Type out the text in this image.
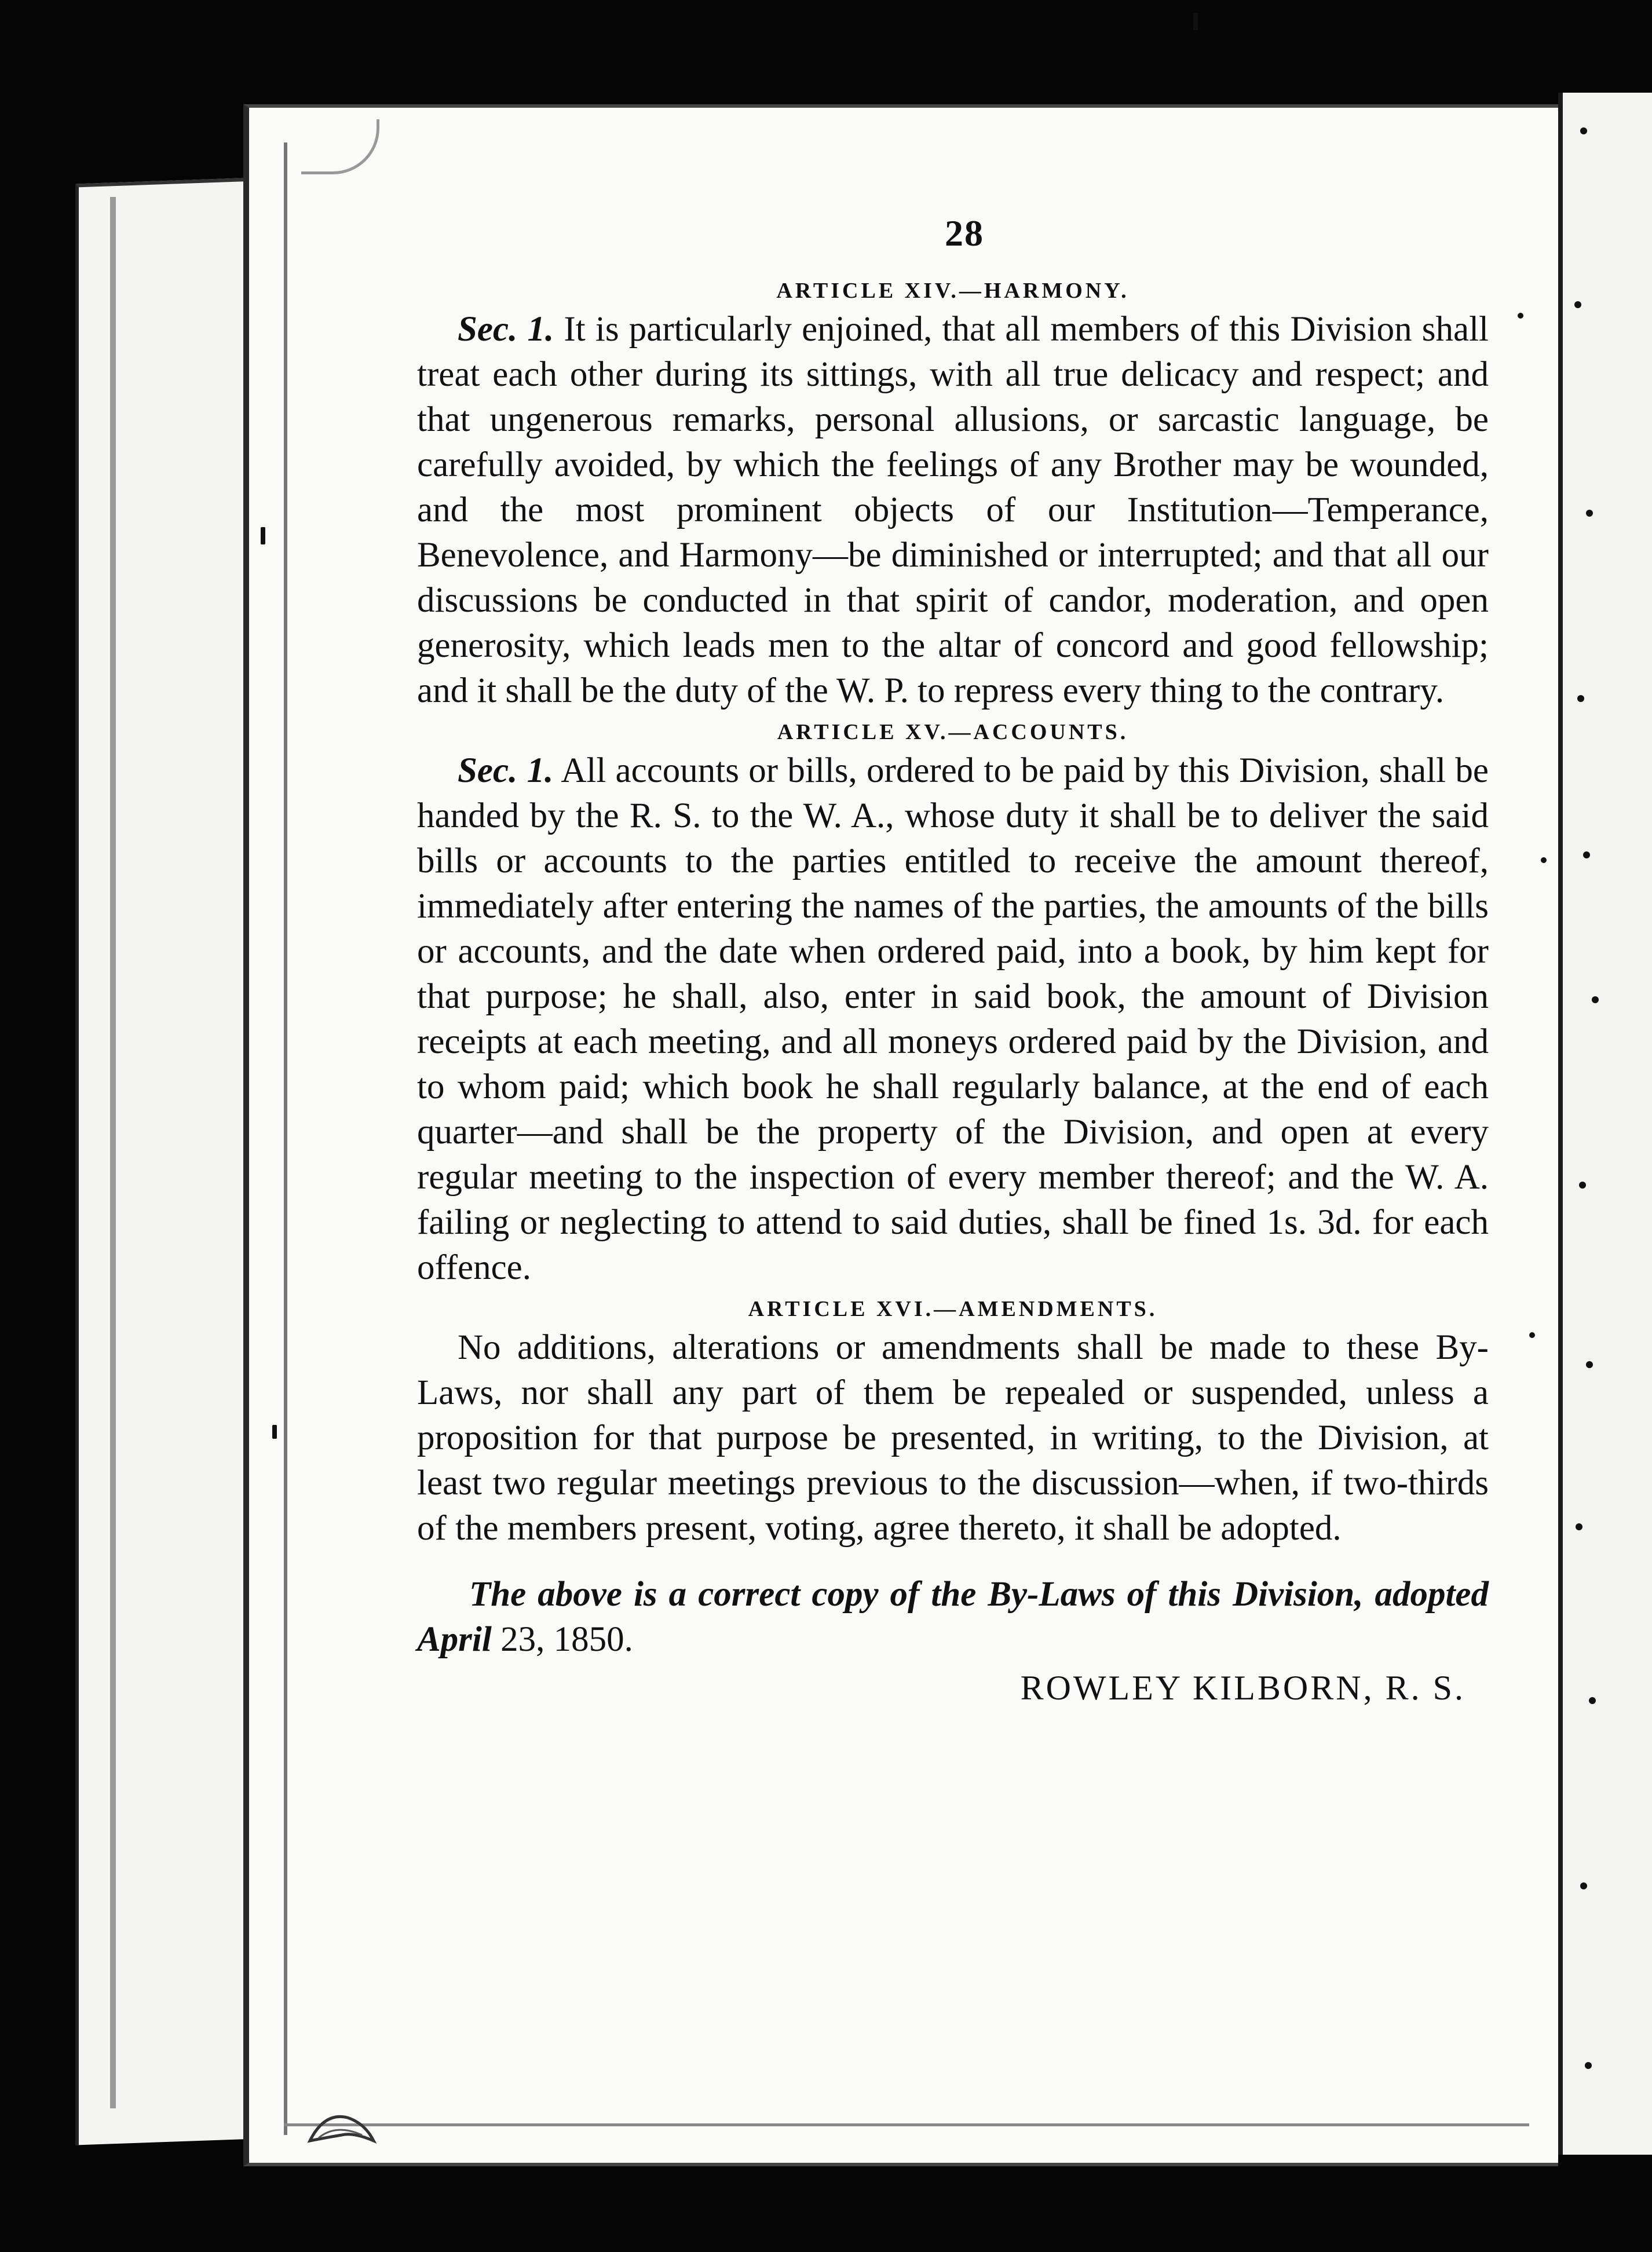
28
ARTICLE XIV.—HARMONY.

Sec. 1. It is particularly enjoined, that all members of this Division shall treat each other during its sittings, with all true delicacy and respect; and that ungenerous remarks, personal allusions, or sarcastic language, be carefully avoided, by which the feelings of any Brother may be wounded, and the most prominent objects of our Institution—Temperance, Benevolence, and Harmony—be diminished or interrupted; and that all our discussions be conducted in that spirit of candor, moderation, and open generosity, which leads men to the altar of concord and good fellowship; and it shall be the duty of the W. P. to repress every thing to the contrary.

ARTICLE XV.—ACCOUNTS.

Sec. 1. All accounts or bills, ordered to be paid by this Division, shall be handed by the R. S. to the W. A., whose duty it shall be to deliver the said bills or accounts to the parties entitled to receive the amount thereof, immediately after entering the names of the parties, the amounts of the bills or accounts, and the date when ordered paid, into a book, by him kept for that purpose; he shall, also, enter in said book, the amount of Division receipts at each meeting, and all moneys ordered paid by the Division, and to whom paid; which book he shall regularly balance, at the end of each quarter—and shall be the property of the Division, and open at every regular meeting to the inspection of every member thereof; and the W. A. failing or neglecting to attend to said duties, shall be fined 1s. 3d. for each offence.

ARTICLE XVI.—AMENDMENTS.

No additions, alterations or amendments shall be made to these By-Laws, nor shall any part of them be repealed or suspended, unless a proposition for that purpose be presented, in writing, to the Division, at least two regular meetings previous to the discussion—when, if two-thirds of the members present, voting, agree thereto, it shall be adopted.

The above is a correct copy of the By-Laws of this Division, adopted April 23, 1850.

ROWLEY KILBORN, R. S.
